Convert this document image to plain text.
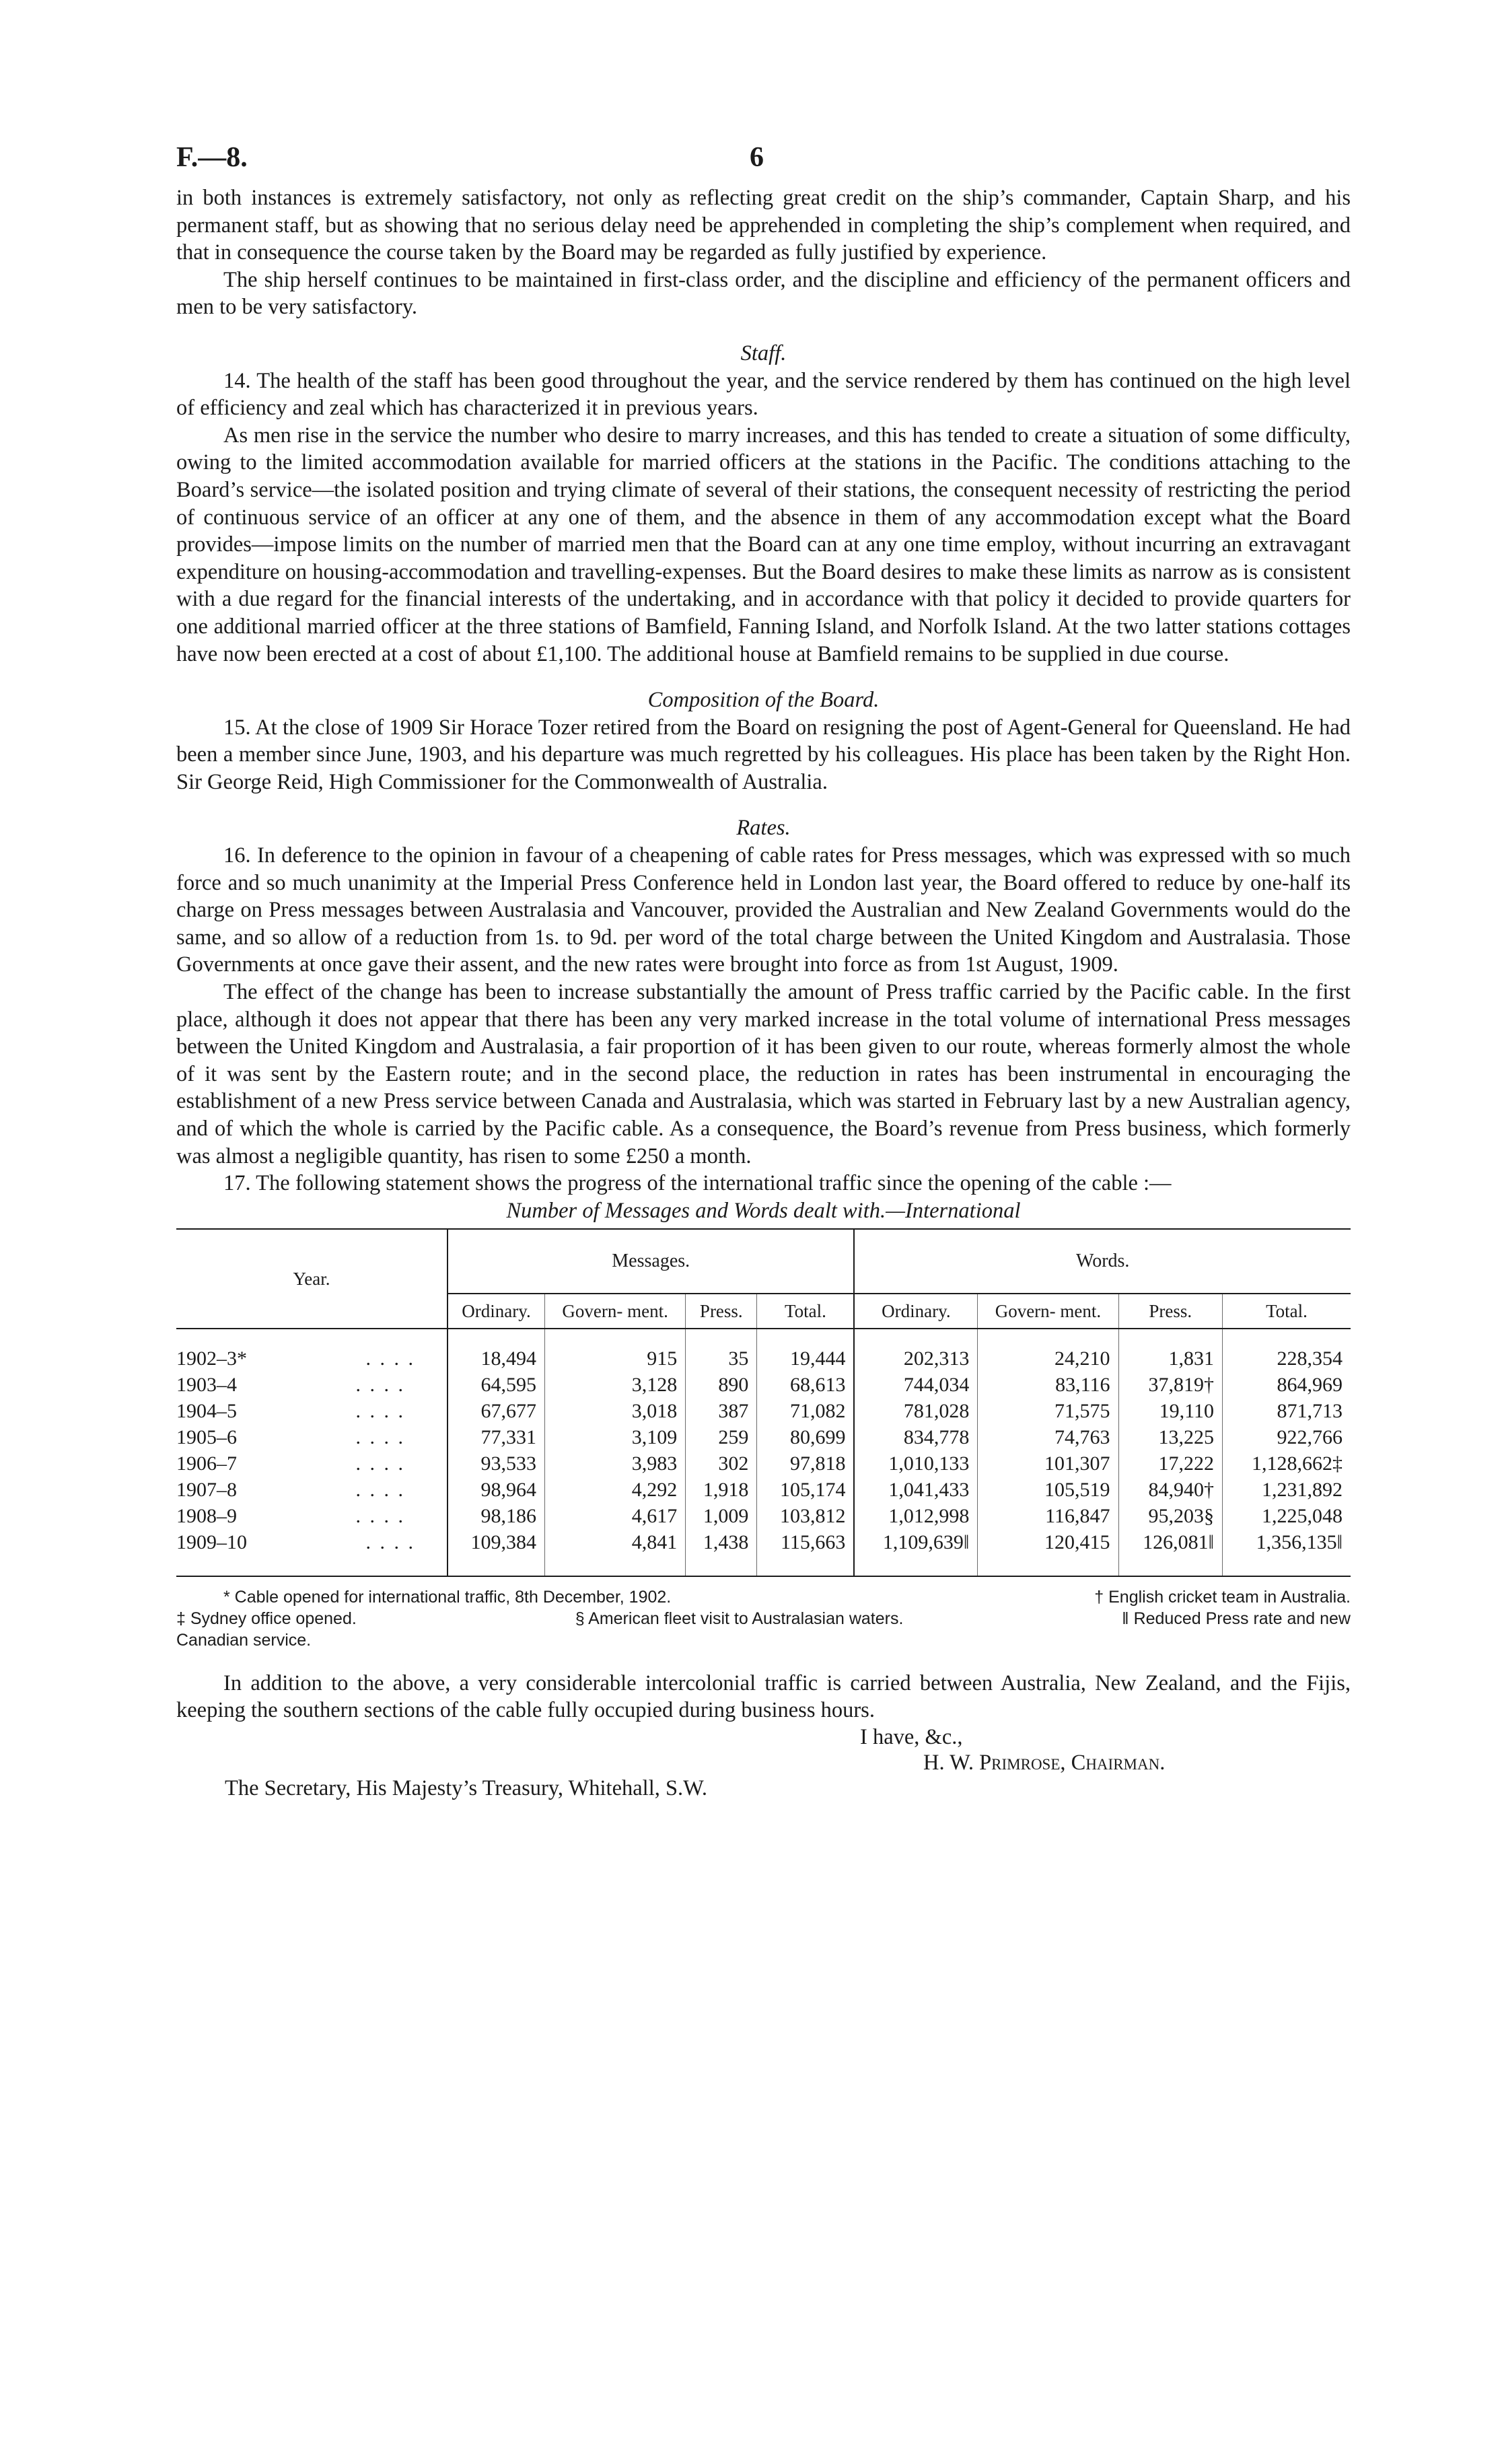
F.—8.	6

in both instances is extremely satisfactory, not only as reflecting great credit on the ship’s commander, Captain Sharp, and his permanent staff, but as showing that no serious delay need be apprehended in completing the ship’s complement when required, and that in consequence the course taken by the Board may be regarded as fully justified by experience.

The ship herself continues to be maintained in first-class order, and the discipline and efficiency of the permanent officers and men to be very satisfactory.

Staff.

14. The health of the staff has been good throughout the year, and the service rendered by them has continued on the high level of efficiency and zeal which has characterized it in previous years.

As men rise in the service the number who desire to marry increases, and this has tended to create a situation of some difficulty, owing to the limited accommodation available for married officers at the stations in the Pacific. The conditions attaching to the Board’s service—the isolated position and trying climate of several of their stations, the consequent necessity of restricting the period of continuous service of an officer at any one of them, and the absence in them of any accommodation except what the Board provides—impose limits on the number of married men that the Board can at any one time employ, without incurring an extravagant expenditure on housing-accommodation and travelling-expenses. But the Board desires to make these limits as narrow as is consistent with a due regard for the financial interests of the undertaking, and in accordance with that policy it decided to provide quarters for one additional married officer at the three stations of Bamfield, Fanning Island, and Norfolk Island. At the two latter stations cottages have now been erected at a cost of about £1,100. The additional house at Bamfield remains to be supplied in due course.

Composition of the Board.

15. At the close of 1909 Sir Horace Tozer retired from the Board on resigning the post of Agent-General for Queensland. He had been a member since June, 1903, and his departure was much regretted by his colleagues. His place has been taken by the Right Hon. Sir George Reid, High Commissioner for the Commonwealth of Australia.

Rates.

16. In deference to the opinion in favour of a cheapening of cable rates for Press messages, which was expressed with so much force and so much unanimity at the Imperial Press Conference held in London last year, the Board offered to reduce by one-half its charge on Press messages between Australasia and Vancouver, provided the Australian and New Zealand Governments would do the same, and so allow of a reduction from 1s. to 9d. per word of the total charge between the United Kingdom and Australasia. Those Governments at once gave their assent, and the new rates were brought into force as from 1st August, 1909.

The effect of the change has been to increase substantially the amount of Press traffic carried by the Pacific cable. In the first place, although it does not appear that there has been any very marked increase in the total volume of international Press messages between the United Kingdom and Australasia, a fair proportion of it has been given to our route, whereas formerly almost the whole of it was sent by the Eastern route; and in the second place, the reduction in rates has been instrumental in encouraging the establishment of a new Press service between Canada and Australasia, which was started in February last by a new Australian agency, and of which the whole is carried by the Pacific cable. As a consequence, the Board’s revenue from Press business, which formerly was almost a negligible quantity, has risen to some £250 a month.

17. The following statement shows the progress of the international traffic since the opening of the cable :—

Number of Messages and Words dealt with.—International

Year.	Messages.				Words.			
	Ordinary.	Govern- ment.	Press.	Total.	Ordinary.	Govern- ment.	Press.	Total.
1902–3* . . . .	18,494	915	35	19,444	202,313	24,210	1,831	228,354
1903–4 . . . .	64,595	3,128	890	68,613	744,034	83,116	37,819†	864,969
1904–5 . . . .	67,677	3,018	387	71,082	781,028	71,575	19,110	871,713
1905–6 . . . .	77,331	3,109	259	80,699	834,778	74,763	13,225	922,766
1906–7 . . . .	93,533	3,983	302	97,818	1,010,133	101,307	17,222	1,128,662‡
1907–8 . . . .	98,964	4,292	1,918	105,174	1,041,433	105,519	84,940†	1,231,892
1908–9 . . . .	98,186	4,617	1,009	103,812	1,012,998	116,847	95,203§	1,225,048
1909–10 . . . .	109,384	4,841	1,438	115,663	1,109,639‖	120,415	126,081‖	1,356,135‖
* Cable opened for international traffic, 8th December, 1902.	† English cricket team in Australia.
‡ Sydney office opened.	§ American fleet visit to Australasian waters.	‖ Reduced Press rate and new
Canadian service.

In addition to the above, a very considerable intercolonial traffic is carried between Australia, New Zealand, and the Fijis, keeping the southern sections of the cable fully occupied during business hours.

I have, &c.,
H. W. Primrose, Chairman.
The Secretary, His Majesty’s Treasury, Whitehall, S.W.
